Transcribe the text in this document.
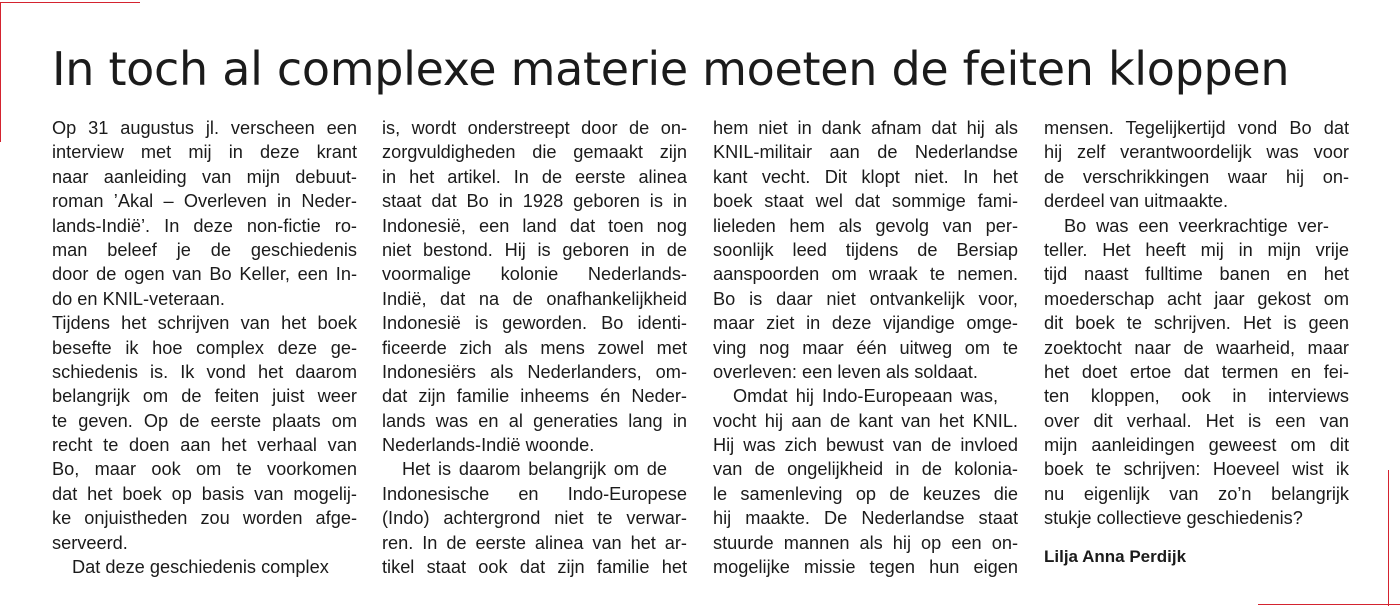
In toch al complexe materie moeten de feiten kloppen
Op 31 augustus jl. verscheen een
interview met mij in deze krant
naar aanleiding van mijn debuut-
roman ’Akal – Overleven in Neder-
lands-Indië’. In deze non-fictie ro-
man beleef je de geschiedenis
door de ogen van Bo Keller, een In-
do en KNIL-veteraan.
Tijdens het schrijven van het boek
besefte ik hoe complex deze ge-
schiedenis is. Ik vond het daarom
belangrijk om de feiten juist weer
te geven. Op de eerste plaats om
recht te doen aan het verhaal van
Bo, maar ook om te voorkomen
dat het boek op basis van mogelij-
ke onjuistheden zou worden afge-
serveerd.
Dat deze geschiedenis complex
is, wordt onderstreept door de on-
zorgvuldigheden die gemaakt zijn
in het artikel. In de eerste alinea
staat dat Bo in 1928 geboren is in
Indonesië, een land dat toen nog
niet bestond. Hij is geboren in de
voormalige kolonie Nederlands-
Indië, dat na de onafhankelijkheid
Indonesië is geworden. Bo identi-
ficeerde zich als mens zowel met
Indonesiërs als Nederlanders, om-
dat zijn familie inheems én Neder-
lands was en al generaties lang in
Nederlands-Indië woonde.
Het is daarom belangrijk om de
Indonesische en Indo-Europese
(Indo) achtergrond niet te verwar-
ren. In de eerste alinea van het ar-
tikel staat ook dat zijn familie het
hem niet in dank afnam dat hij als
KNIL-militair aan de Nederlandse
kant vecht. Dit klopt niet. In het
boek staat wel dat sommige fami-
lieleden hem als gevolg van per-
soonlijk leed tijdens de Bersiap
aanspoorden om wraak te nemen.
Bo is daar niet ontvankelijk voor,
maar ziet in deze vijandige omge-
ving nog maar één uitweg om te
overleven: een leven als soldaat.
Omdat hij Indo-Europeaan was,
vocht hij aan de kant van het KNIL.
Hij was zich bewust van de invloed
van de ongelijkheid in de kolonia-
le samenleving op de keuzes die
hij maakte. De Nederlandse staat
stuurde mannen als hij op een on-
mogelijke missie tegen hun eigen
mensen. Tegelijkertijd vond Bo dat
hij zelf verantwoordelijk was voor
de verschrikkingen waar hij on-
derdeel van uitmaakte.
Bo was een veerkrachtige ver-
teller. Het heeft mij in mijn vrije
tijd naast fulltime banen en het
moederschap acht jaar gekost om
dit boek te schrijven. Het is geen
zoektocht naar de waarheid, maar
het doet ertoe dat termen en fei-
ten kloppen, ook in interviews
over dit verhaal. Het is een van
mijn aanleidingen geweest om dit
boek te schrijven: Hoeveel wist ik
nu eigenlijk van zo’n belangrijk
stukje collectieve geschiedenis?
Lilja Anna Perdijk
